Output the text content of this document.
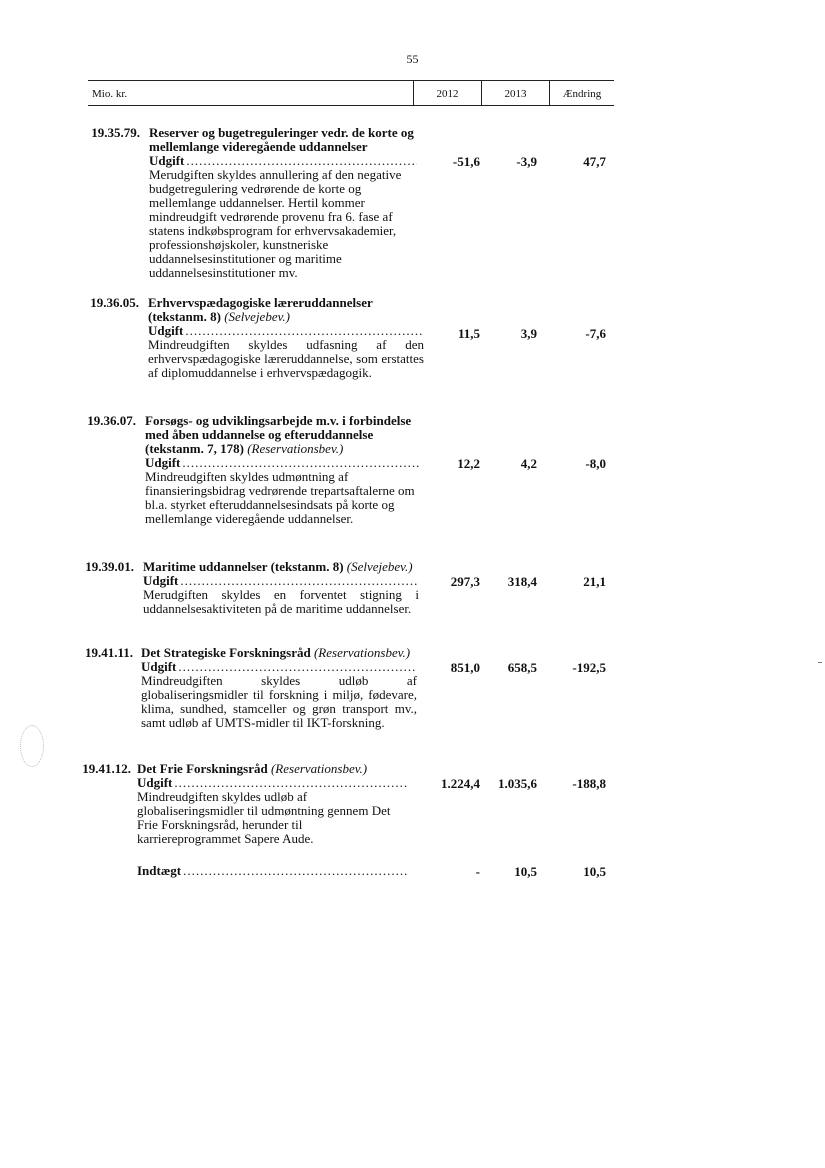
55
Mio. kr.	2012	2013	Ændring
19.35.79. Reserver og bugetreguleringer vedr. de korte og mellemlange videregående uddannelser
Udgift
.....
Merudgiften skyldes annullering af den negative budgetregulering vedrørende de korte og mellemlange uddannelser. Hertil kommer mindreudgift vedrørende provenu fra 6. fase af statens indkøbsprogram for erhvervsakademier, professionshøjskoler, kunstneriske uddannelsesinstitutioner og maritime uddannelsesinstitutioner mv.
-51,6	-3,9	47,7
19.36.05. Erhvervspædagogiske læreruddannelser (tekstanm. 8) (Selvejebev.)
Udgift
.....
Mindreudgiften skyldes udfasning af den erhvervspædagogiske læreruddannelse, som erstattes af diplomuddannelse i erhvervspædagogik.
11,5	3,9	-7,6
19.36.07. Forsøgs- og udviklingsarbejde m.v. i forbindelse med åben uddannelse og efteruddannelse (tekstanm. 7, 178) (Reservationsbev.)
Udgift
.....
Mindreudgiften skyldes udmøntning af finansieringsbidrag vedrørende trepartsaftalerne om bl.a. styrket efteruddannelsesindsats på korte og mellemlange videregående uddannelser.
12,2	4,2	-8,0
19.39.01. Maritime uddannelser (tekstanm. 8) (Selvejebev.)
Udgift
.....
Merudgiften skyldes en forventet stigning i uddannelsesaktiviteten på de maritime uddannelser.
297,3	318,4	21,1
19.41.11. Det Strategiske Forskningsråd (Reservationsbev.)
Udgift
.....
Mindreudgiften skyldes udløb af globaliseringsmidler til forskning i miljø, fødevare, klima, sundhed, stamceller og grøn transport mv., samt udløb af UMTS-midler til IKT-forskning.
851,0	658,5	-192,5
19.41.12. Det Frie Forskningsråd (Reservationsbev.)
Udgift
.....
Mindreudgiften skyldes udløb af globaliseringsmidler til udmøntning gennem Det Frie Forskningsråd, herunder til karriereprogrammet Sapere Aude.
1.224,4	1.035,6	-188,8
Indtægt
.....	-	10,5	10,5
